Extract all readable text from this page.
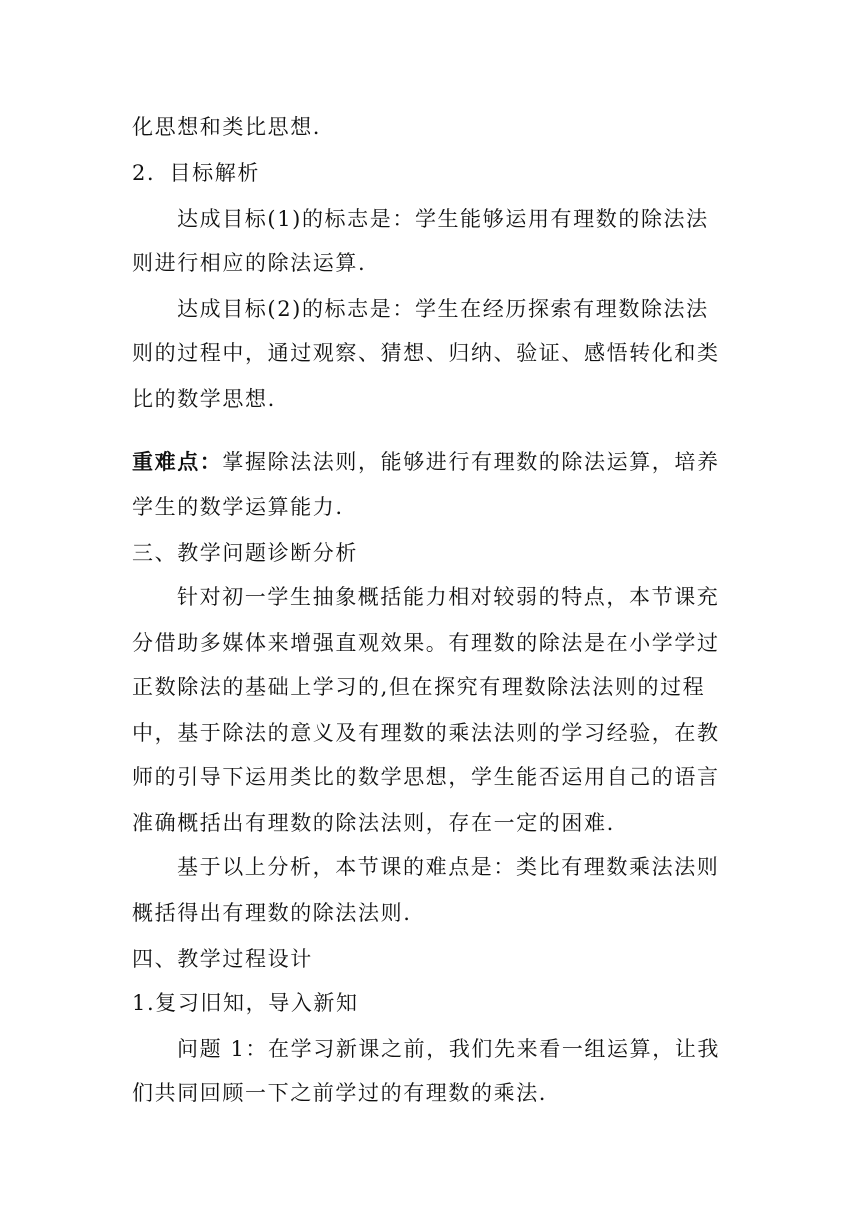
化思想和类比思想.
2．目标解析
达成目标(1)的标志是：学生能够运用有理数的除法法
则进行相应的除法运算.
达成目标(2)的标志是：学生在经历探索有理数除法法
则的过程中，通过观察、猜想、归纳、验证、感悟转化和类
比的数学思想.
重难点：掌握除法法则，能够进行有理数的除法运算，培养
学生的数学运算能力.
三、教学问题诊断分析
针对初一学生抽象概括能力相对较弱的特点，本节课充
分借助多媒体来增强直观效果。有理数的除法是在小学学过
正数除法的基础上学习的,但在探究有理数除法法则的过程
中，基于除法的意义及有理数的乘法法则的学习经验，在教
师的引导下运用类比的数学思想，学生能否运用自己的语言
准确概括出有理数的除法法则，存在一定的困难.
基于以上分析，本节课的难点是：类比有理数乘法法则
概括得出有理数的除法法则.
四、教学过程设计
1.复习旧知，导入新知
问题 1：在学习新课之前，我们先来看一组运算，让我
们共同回顾一下之前学过的有理数的乘法.
